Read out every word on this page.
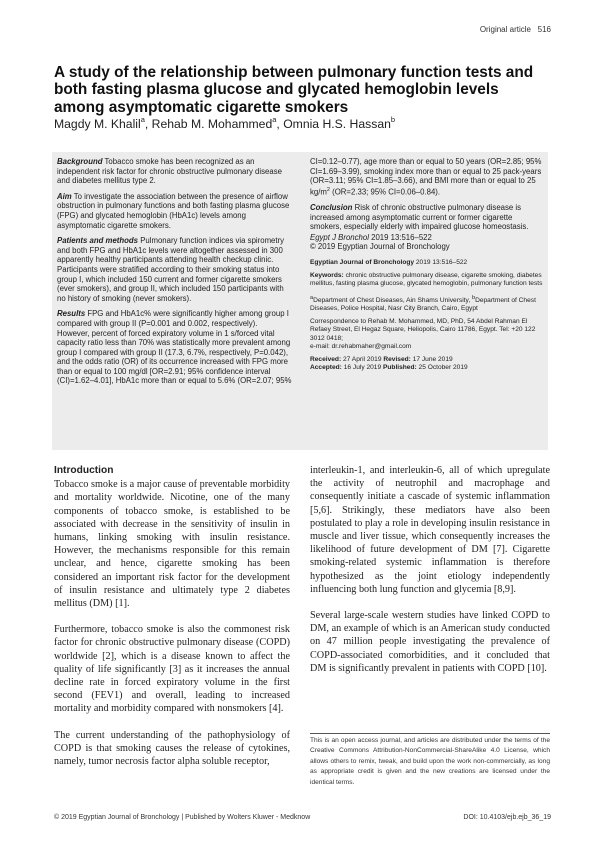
Original article 516
A study of the relationship between pulmonary function tests and both fasting plasma glucose and glycated hemoglobin levels among asymptomatic cigarette smokers
Magdy M. Khalil$^a$, Rehab M. Mohammed$^a$, Omnia H.S. Hassan$^b$

Background Tobacco smoke has been recognized as an independent risk factor for chronic obstructive pulmonary disease and diabetes mellitus type 2.

Aim To investigate the association between the presence of airflow obstruction in pulmonary functions and both fasting plasma glucose (FPG) and glycated hemoglobin (HbA1c) levels among asymptomatic cigarette smokers.

Patients and methods Pulmonary function indices via spirometry and both FPG and HbA1c levels were altogether assessed in 300 apparently healthy participants attending health checkup clinic. Participants were stratified according to their smoking status into group I, which included 150 current and former cigarette smokers (ever smokers), and group II, which included 150 participants with no history of smoking (never smokers).

Results FPG and HbA1c% were significantly higher among group I compared with group II (P=0.001 and 0.002, respectively). However, percent of forced expiratory volume in 1 s/forced vital capacity ratio less than 70% was statistically more prevalent among group I compared with group II (17.3, 6.7%, respectively, P=0.042), and the odds ratio (OR) of its occurrence increased with FPG more than or equal to 100 mg/dl [OR=2.91; 95% confidence interval (CI)=1.62–4.01], HbA1c more than or equal to 5.6% (OR=2.07; 95%

CI=0.12–0.77), age more than or equal to 50 years (OR=2.85; 95% CI=1.69–3.99), smoking index more than or equal to 25 pack-years (OR=3.11; 95% CI=1.85–3.66), and BMI more than or equal to 25 $kg/m^2$ (OR=2.33; 95% CI=0.06–0.84).

Conclusion Risk of chronic obstructive pulmonary disease is increased among asymptomatic current or former cigarette smokers, especially elderly with impaired glucose homeostasis.

Egypt J Bronchol 2019 13:516–522
© 2019 Egyptian Journal of Bronchology

Egyptian Journal of Bronchology 2019 13:516–522

Keywords: chronic obstructive pulmonary disease, cigarette smoking, diabetes mellitus, fasting plasma glucose, glycated hemoglobin, pulmonary function tests

$^a$Department of Chest Diseases, Ain Shams University, $^b$Department of Chest Diseases, Police Hospital, Nasr City Branch, Cairo, Egypt

Correspondence to Rehab M. Mohammed, MD, PhD, 54 Abdel Rahman El Refaey Street, El Hegaz Square, Heliopolis, Cairo 11786, Egypt. Tel: +20 122 3012 0418;

e-mail: dr.rehabmaher@gmail.com

Received: 27 April 2019 Revised: 17 June 2019
Accepted: 16 July 2019 Published: 25 October 2019

Introduction

Tobacco smoke is a major cause of preventable morbidity and mortality worldwide. Nicotine, one of the many components of tobacco smoke, is established to be associated with decrease in the sensitivity of insulin in humans, linking smoking with insulin resistance. However, the mechanisms responsible for this remain unclear, and hence, cigarette smoking has been considered an important risk factor for the development of insulin resistance and ultimately type 2 diabetes mellitus (DM) [1].

Furthermore, tobacco smoke is also the commonest risk factor for chronic obstructive pulmonary disease (COPD) worldwide [2], which is a disease known to affect the quality of life significantly [3] as it increases the annual decline rate in forced expiratory volume in the first second (FEV1) and overall, leading to increased mortality and morbidity compared with nonsmokers [4].

The current understanding of the pathophysiology of COPD is that smoking causes the release of cytokines, namely, tumor necrosis factor alpha soluble receptor,

interleukin-1, and interleukin-6, all of which upregulate the activity of neutrophil and macrophage and consequently initiate a cascade of systemic inflammation [5,6]. Strikingly, these mediators have also been postulated to play a role in developing insulin resistance in muscle and liver tissue, which consequently increases the likelihood of future development of DM [7]. Cigarette smoking-related systemic inflammation is therefore hypothesized as the joint etiology independently influencing both lung function and glycemia [8,9].

Several large-scale western studies have linked COPD to DM, an example of which is an American study conducted on 47 million people investigating the prevalence of COPD-associated comorbidities, and it concluded that DM is significantly prevalent in patients with COPD [10].

This is an open access journal, and articles are distributed under the terms of the Creative Commons Attribution-NonCommercial-ShareAlike 4.0 License, which allows others to remix, tweak, and build upon the work non-commercially, as long as appropriate credit is given and the new creations are licensed under the identical terms.
© 2019 Egyptian Journal of Bronchology | Published by Wolters Kluwer - Medknow	DOI: 10.4103/ejb.ejb_36_19
